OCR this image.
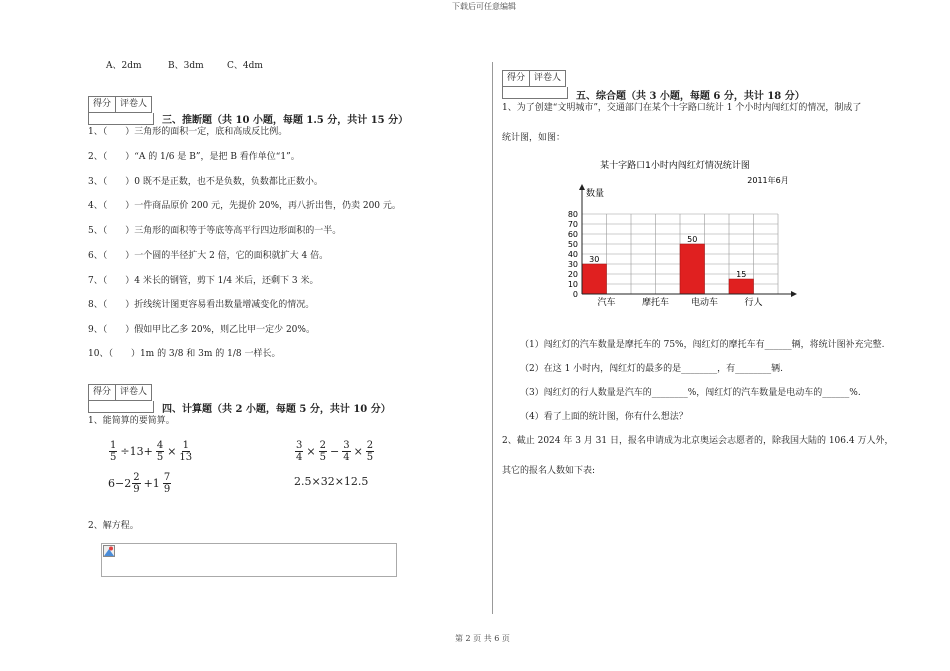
下载后可任意编辑
第 2 页 共 6 页
A、2dm	B、3dm	C、4dm
得分 评卷人
三、推断题（共 10 小题，每题 1.5 分，共计 15 分）
1、（　　）三角形的面积一定，底和高成反比例。
2、（　　）“A 的 1/6 是 B”，是把 B 看作单位“1”。
3、（　　）0 既不是正数，也不是负数，负数都比正数小。
4、（　　）一件商品原价 200 元，先提价 20%，再八折出售，仍卖 200 元。
5、（　　）三角形的面积等于等底等高平行四边形面积的一半。
6、（　　）一个圆的半径扩大 2 倍，它的面积就扩大 4 倍。
7、（　　）4 米长的钢管，剪下 1/4 米后，还剩下 3 米。
8、（　　）折线统计图更容易看出数量增减变化的情况。
9、（　　）假如甲比乙多 20%，则乙比甲一定少 20%。
10、（　　）1m 的 3/8 和 3m 的 1/8 一样长。
得分 评卷人
四、计算题（共 2 小题，每题 5 分，共计 10 分）
1、能简算的要简算。
$\frac{1}{5} \div 13+ \frac{4}{5} \times \frac{1}{13}$	$\frac{3}{4} \times \frac{2}{5} - \frac{3}{4} \times \frac{2}{5}$
$6-2 \frac{2}{9} +1 \frac{7}{9}$	2.5×32×12.5
2、解方程。
得分 评卷人
五、综合题（共 3 小题，每题 6 分，共计 18 分）
1、为了创建“文明城市”，交通部门在某个十字路口统计 1 个小时内闯红灯的情况，制成了
统计图，如图：
某十字路口1小时内闯红灯情况统计图
2011年6月
数量
0
10
20
30
40
50
60
70
80
30
汽车	摩托车
50
电动车
15
行人
（1）闯红灯的汽车数量是摩托车的 75%，闯红灯的摩托车有______辆，将统计图补充完整.
（2）在这 1 小时内，闯红灯的最多的是________，有________辆.
（3）闯红灯的行人数量是汽车的________%，闯红灯的汽车数量是电动车的______%.
（4）看了上面的统计图，你有什么想法？
2、截止 2024 年 3 月 31 日，报名申请成为北京奥运会志愿者的，除我国大陆的 106.4 万人外，
其它的报名人数如下表:
